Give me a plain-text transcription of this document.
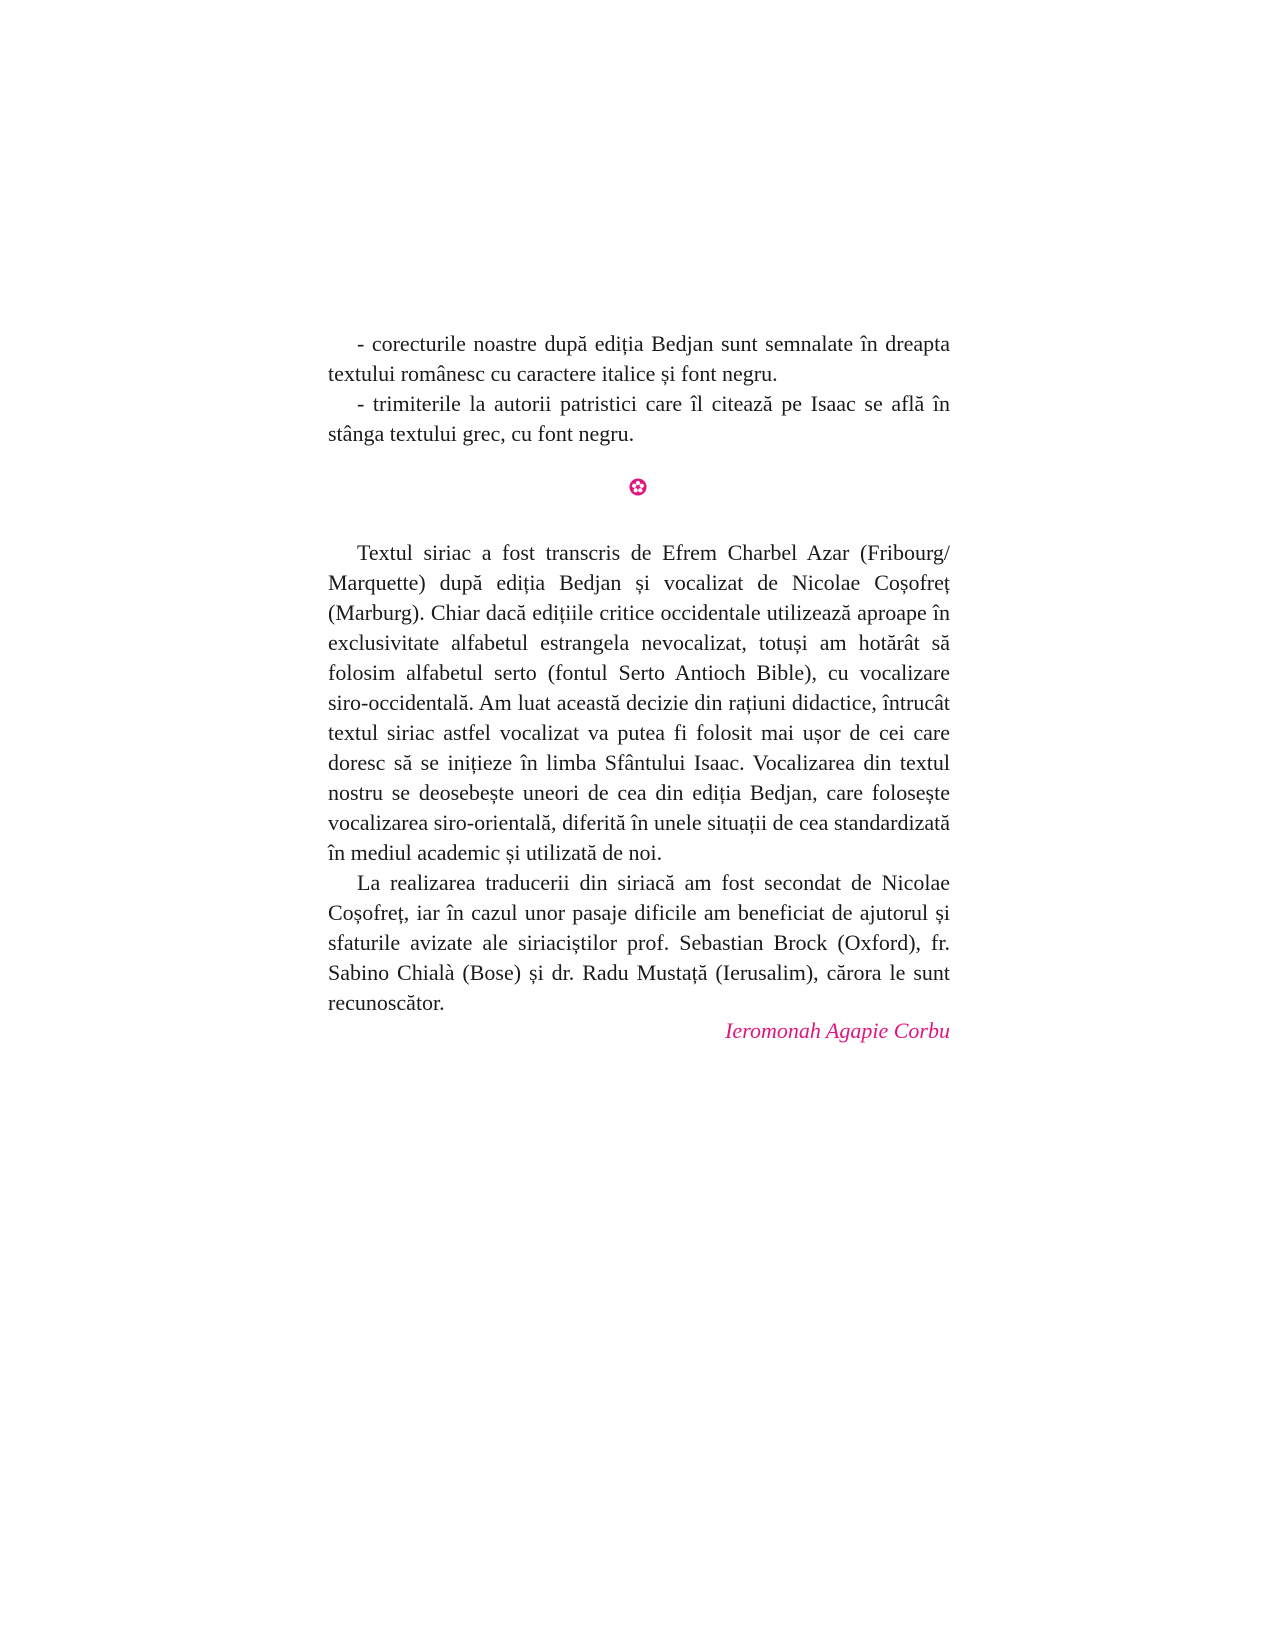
- corecturile noastre după ediția Bedjan sunt semnalate în dreapta textului românesc cu caractere italice și font negru.

- trimiterile la autorii patristici care îl citează pe Isaac se află în stânga textului grec, cu font negru.

Textul siriac a fost transcris de Efrem Charbel Azar (Fribourg/ Marquette) după ediția Bedjan și vocalizat de Nicolae Coșofreț (Marburg). Chiar dacă edițiile critice occidentale utilizează aproape în exclusivitate alfabetul estrangela nevocalizat, totuși am hotărât să folosim alfabetul serto (fontul Serto Antioch Bible), cu vocalizare siro-occidentală. Am luat această decizie din rațiuni didactice, întrucât textul siriac astfel vocalizat va putea fi folosit mai ușor de cei care doresc să se inițieze în limba Sfântului Isaac. Vocalizarea din textul nostru se deosebește uneori de cea din ediția Bedjan, care folosește vocalizarea siro-orientală, diferită în unele situații de cea standardizată în mediul academic și utilizată de noi.

La realizarea traducerii din siriacă am fost secondat de Nicolae Coșofreț, iar în cazul unor pasaje dificile am beneficiat de ajutorul și sfaturile avizate ale siriaciștilor prof. Sebastian Brock (Oxford), fr. Sabino Chialà (Bose) și dr. Radu Mustață (Ierusalim), cărora le sunt recunoscător.

Ieromonah Agapie Corbu
